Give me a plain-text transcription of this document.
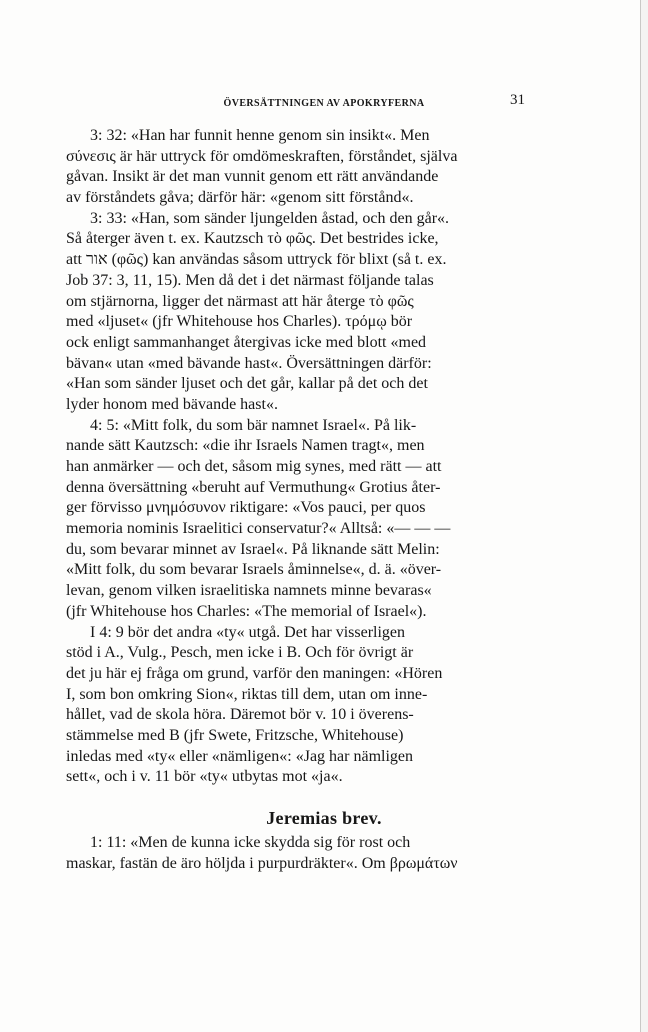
ÖVERSÄTTNINGEN AV APOKRYFERNA	31
3: 32: «Han har funnit henne genom sin insikt«. Men
σύνεσις är här uttryck för omdömeskraften, förståndet, själva
gåvan. Insikt är det man vunnit genom ett rätt användande
av förståndets gåva; därför här: «genom sitt förstånd«.
3: 33: «Han, som sänder ljungelden åstad, och den går«.
Så återger även t. ex. Kautzsch τὸ φῶς. Det bestrides icke,
att אור (φῶς) kan användas såsom uttryck för blixt (så t. ex.
Job 37: 3, 11, 15). Men då det i det närmast följande talas
om stjärnorna, ligger det närmast att här återge τὸ φῶς
med «ljuset« (jfr Whitehouse hos Charles). τρόμῳ bör
ock enligt sammanhanget återgivas icke med blott «med
bävan« utan «med bävande hast«. Översättningen därför:
«Han som sänder ljuset och det går, kallar på det och det
lyder honom med bävande hast«.
4: 5: «Mitt folk, du som bär namnet Israel«. På lik-
nande sätt Kautzsch: «die ihr Israels Namen tragt«, men
han anmärker — och det, såsom mig synes, med rätt — att
denna översättning «beruht auf Vermuthung« Grotius åter-
ger förvisso μνημόσυνον riktigare: «Vos pauci, per quos
memoria nominis Israelitici conservatur?« Alltså: «— — —
du, som bevarar minnet av Israel«. På liknande sätt Melin:
«Mitt folk, du som bevarar Israels åminnelse«, d. ä. «över-
levan, genom vilken israelitiska namnets minne bevaras«
(jfr Whitehouse hos Charles: «The memorial of Israel«).
I 4: 9 bör det andra «ty« utgå. Det har visserligen
stöd i A., Vulg., Pesch, men icke i B. Och för övrigt är
det ju här ej fråga om grund, varför den maningen: «Hören
I, som bon omkring Sion«, riktas till dem, utan om inne-
hållet, vad de skola höra. Däremot bör v. 10 i överens-
stämmelse med B (jfr Swete, Fritzsche, Whitehouse)
inledas med «ty« eller «nämligen«: «Jag har nämligen
sett«, och i v. 11 bör «ty« utbytas mot «ja«.
Jeremias brev.
1: 11: «Men de kunna icke skydda sig för rost och
maskar, fastän de äro höljda i purpurdräkter«. Om βρωμάτων
